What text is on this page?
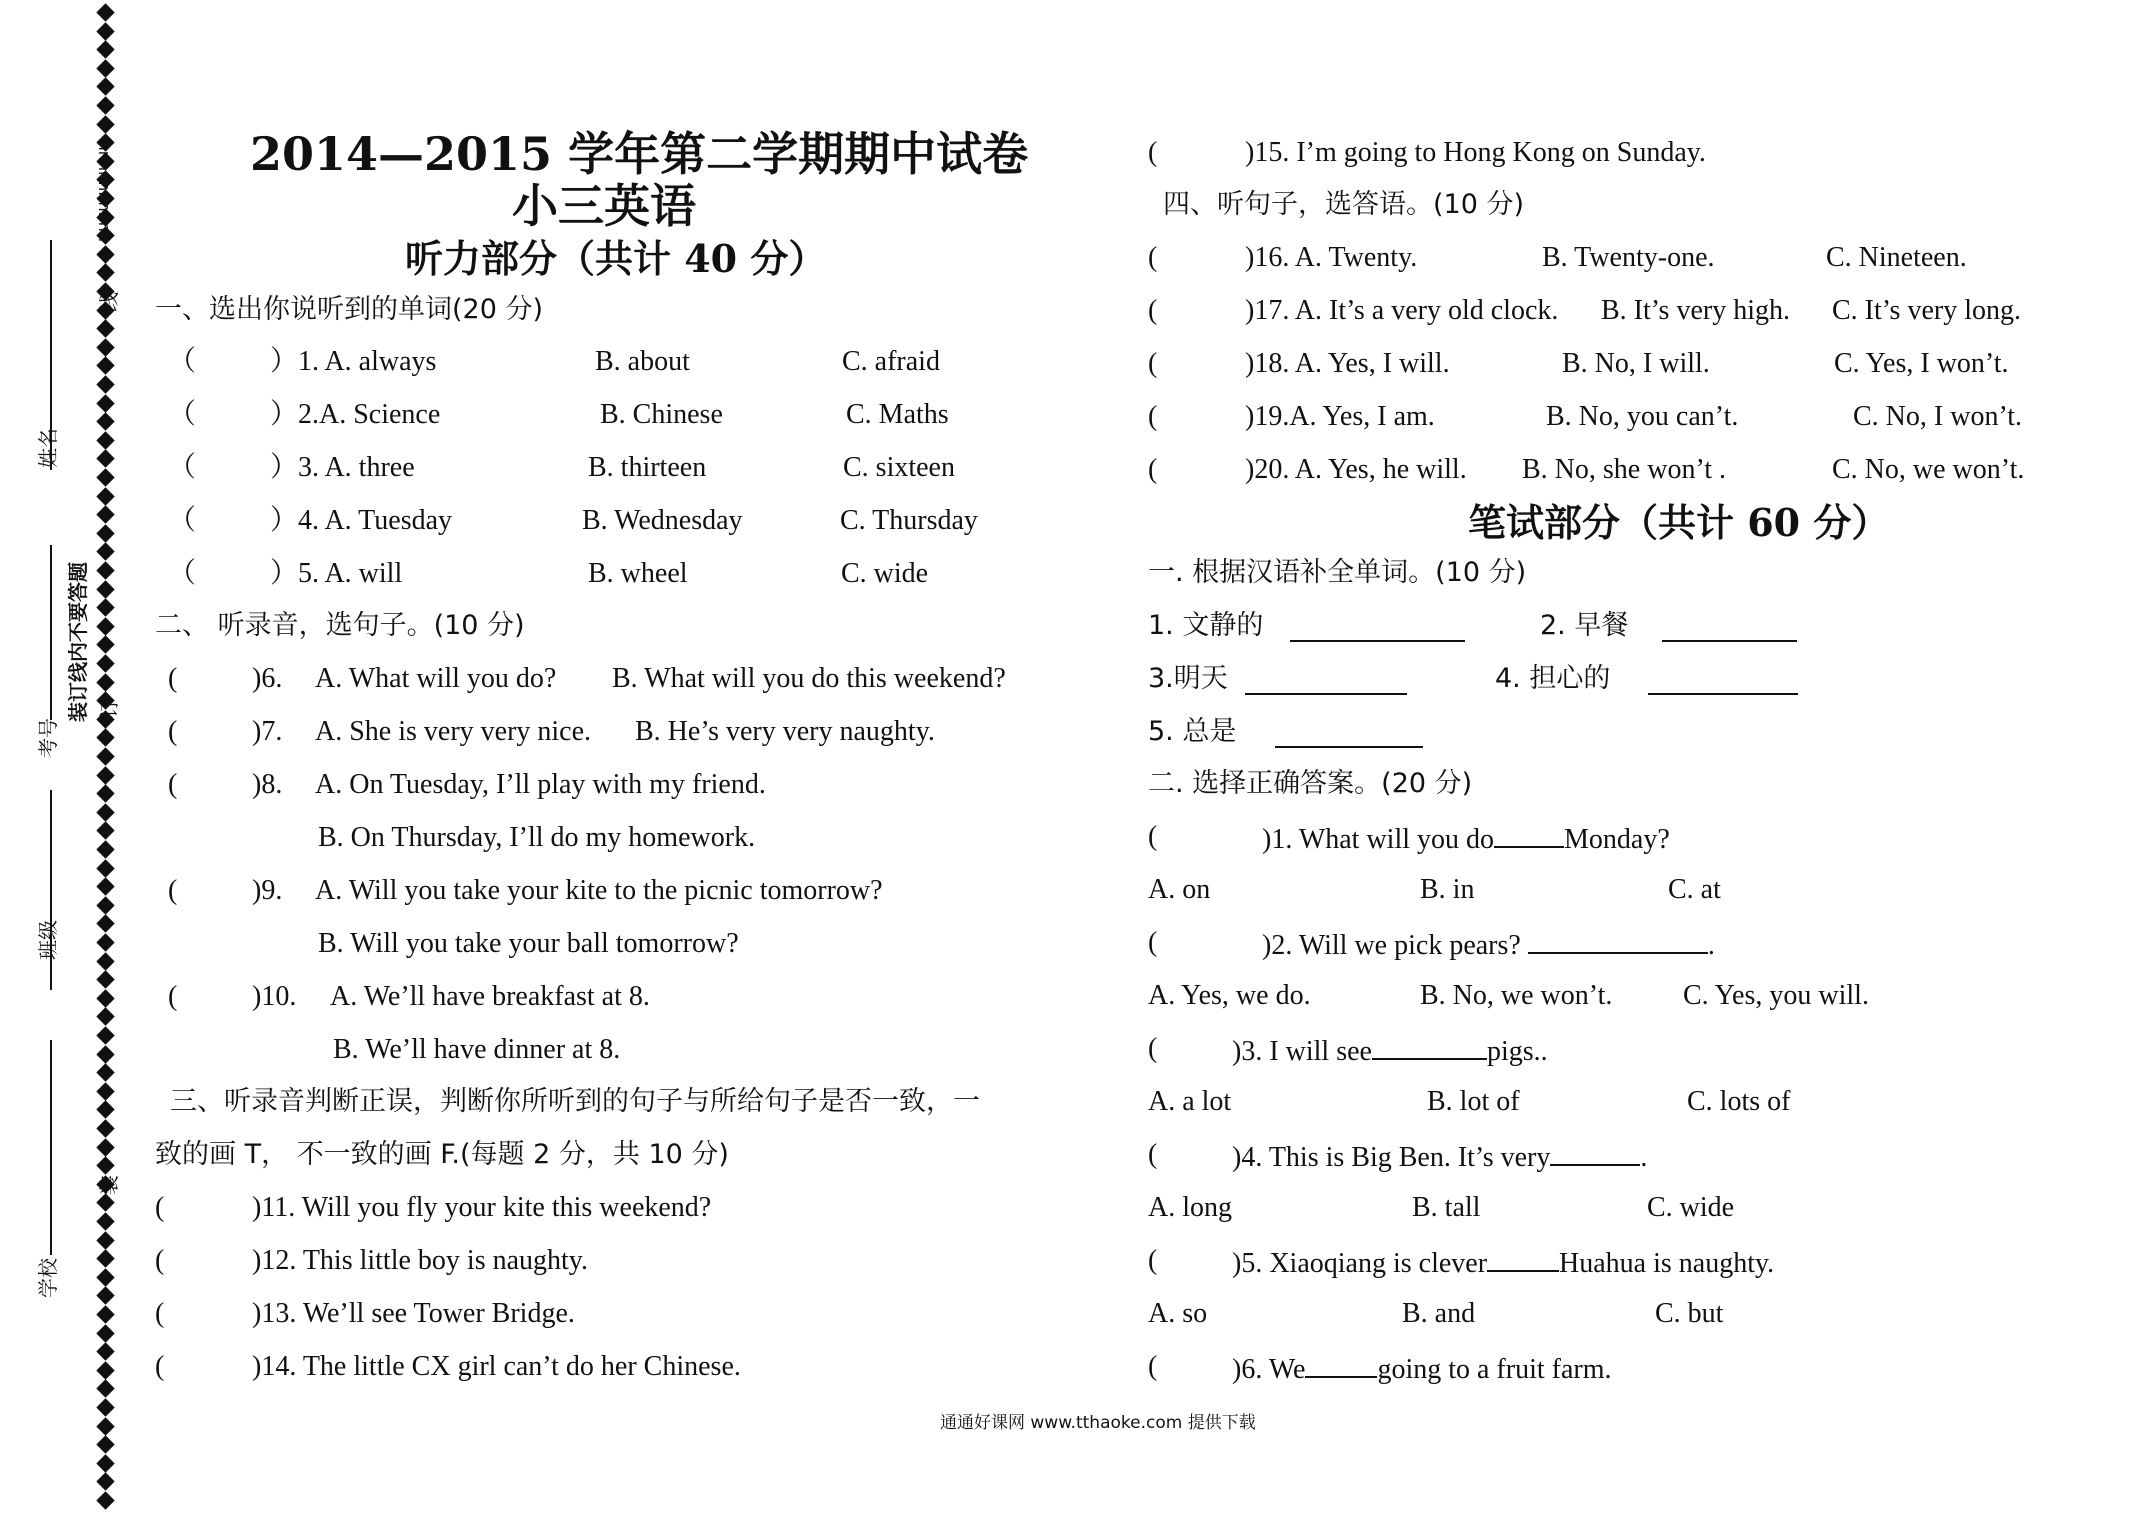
姓名
考号
班级
学校
装订线内不要答题
线
订
装
uuuuuuuuuu	2014—2015 学年第二学期期中试卷
小三英语
听力部分（共计 40 分）
一、选出你说听到的单词(20 分)
（	）1. A. always	B. about	C. afraid
（	）2.A. Science	B. Chinese	C. Maths
（	）3. A. three	B. thirteen	C. sixteen
（	）4. A. Tuesday	B. Wednesday	C. Thursday
（	）5. A. will	B. wheel	C. wide
二、 听录音，选句子。(10 分)
(	)6. A. What will you do? B. What will you do this weekend?
(	)7. A. She is very very nice. B. He’s very very naughty.
(	)8. A. On Tuesday, I’ll play with my friend.
B. On Thursday, I’ll do my homework.
(	)9. A. Will you take your kite to the picnic tomorrow?
B. Will you take your ball tomorrow?
(	)10. A. We’ll have breakfast at 8.
B. We’ll have dinner at 8.
三、听录音判断正误，判断你所听到的句子与所给句子是否一致，一
致的画 T， 不一致的画 F.(每题 2 分，共 10 分)
(	)11. Will you fly your kite this weekend?
(	)12. This little boy is naughty.
(	)13. We’ll see Tower Bridge.
(	)14. The little CX girl can’t do her Chinese.
(	)15. I’m going to Hong Kong on Sunday.
四、听句子，选答语。(10 分)
(	)16. A. Twenty.	B. Twenty-one.	C. Nineteen.
(	)17. A. It’s a very old clock. B. It’s very high. C. It’s very long.
(	)18. A. Yes, I will.	B. No, I will.	C. Yes, I won’t.
(	)19.A. Yes, I am.	B. No, you can’t.	C. No, I won’t.
(	)20. A. Yes, he will. B. No, she won’t .	C. No, we won’t.
笔试部分（共计 60 分）
一. 根据汉语补全单词。(10 分)
1. 文静的	2. 早餐
3.明天	4. 担心的
5. 总是
二. 选择正确答案。(20 分)
(	)1. What will you do	Monday?
A. on	B. in	C. at
(	)2. Will we pick pears?	.
A. Yes, we do.	B. No, we won’t.	C. Yes, you will.
(	)3. I will see	pigs..
A. a lot	B. lot of	C. lots of
(	)4. This is Big Ben. It’s very	.
A. long	B. tall	C. wide
(	)5. Xiaoqiang is clever	Huahua is naughty.
A. so	B. and	C. but
(	)6. We	going to a fruit farm.
通通好课网 www.tthaoke.com 提供下载
